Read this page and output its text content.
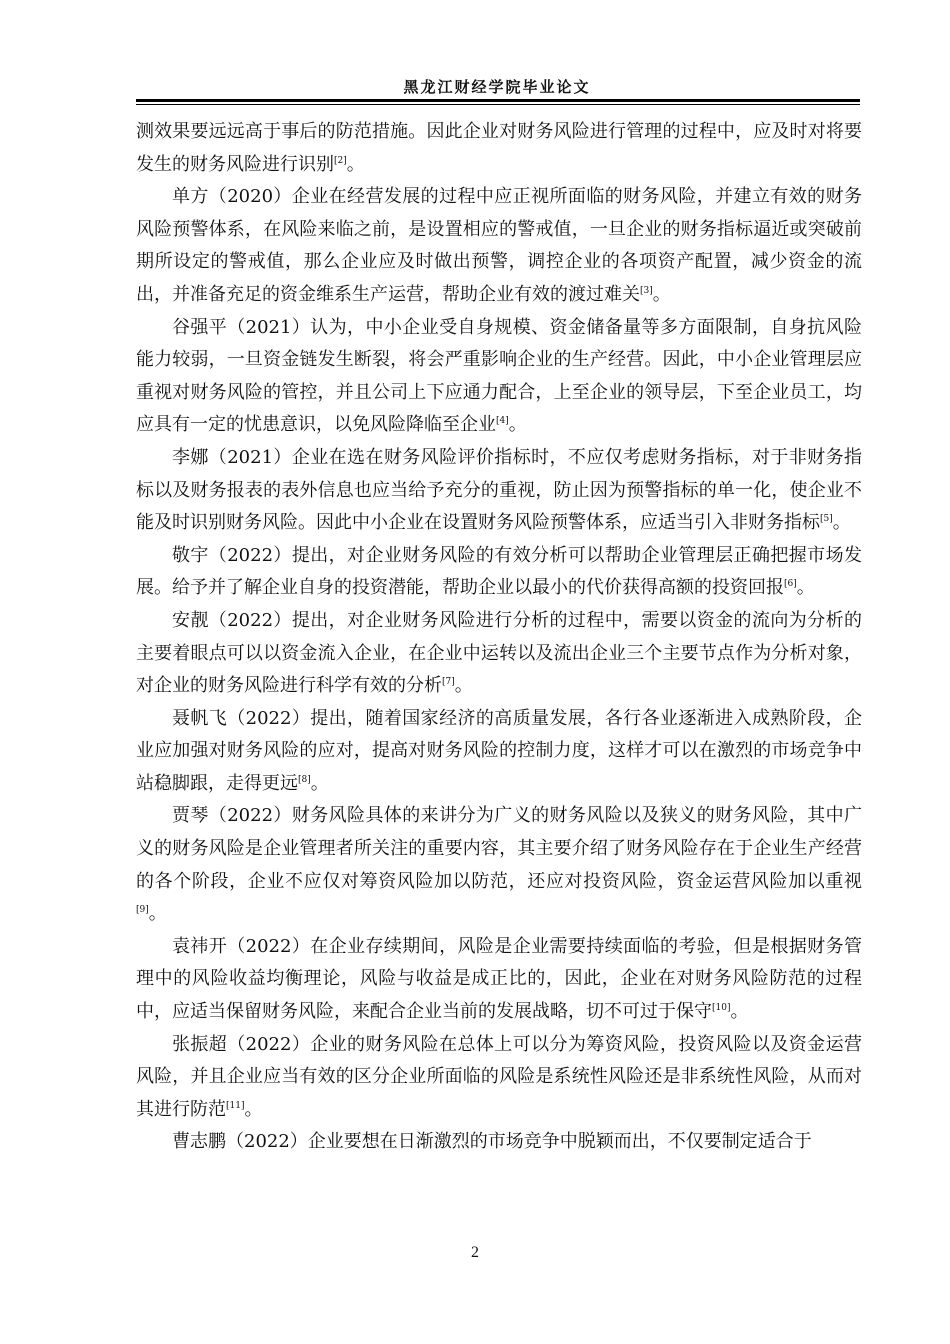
黑龙江财经学院毕业论文

测效果要远远高于事后的防范措施。因此企业对财务风险进行管理的过程中，应及时对将要发生的财务风险进行识别[2]。

单方（2020）企业在经营发展的过程中应正视所面临的财务风险，并建立有效的财务风险预警体系，在风险来临之前，是设置相应的警戒值，一旦企业的财务指标逼近或突破前期所设定的警戒值，那么企业应及时做出预警，调控企业的各项资产配置，减少资金的流出，并准备充足的资金维系生产运营，帮助企业有效的渡过难关[3]。

谷强平（2021）认为，中小企业受自身规模、资金储备量等多方面限制，自身抗风险能力较弱，一旦资金链发生断裂，将会严重影响企业的生产经营。因此，中小企业管理层应重视对财务风险的管控，并且公司上下应通力配合，上至企业的领导层，下至企业员工，均应具有一定的忧患意识，以免风险降临至企业[4]。

李娜（2021）企业在选在财务风险评价指标时，不应仅考虑财务指标，对于非财务指标以及财务报表的表外信息也应当给予充分的重视，防止因为预警指标的单一化，使企业不能及时识别财务风险。因此中小企业在设置财务风险预警体系，应适当引入非财务指标[5]。

敬宇（2022）提出，对企业财务风险的有效分析可以帮助企业管理层正确把握市场发展。给予并了解企业自身的投资潜能，帮助企业以最小的代价获得高额的投资回报[6]。

安靓（2022）提出，对企业财务风险进行分析的过程中，需要以资金的流向为分析的主要着眼点可以以资金流入企业，在企业中运转以及流出企业三个主要节点作为分析对象，对企业的财务风险进行科学有效的分析[7]。

聂帆飞（2022）提出，随着国家经济的高质量发展，各行各业逐渐进入成熟阶段，企业应加强对财务风险的应对，提高对财务风险的控制力度，这样才可以在激烈的市场竞争中站稳脚跟，走得更远[8]。

贾琴（2022）财务风险具体的来讲分为广义的财务风险以及狭义的财务风险，其中广义的财务风险是企业管理者所关注的重要内容，其主要介绍了财务风险存在于企业生产经营的各个阶段，企业不应仅对筹资风险加以防范，还应对投资风险，资金运营风险加以重视[9]。

袁祎开（2022）在企业存续期间，风险是企业需要持续面临的考验，但是根据财务管理中的风险收益均衡理论，风险与收益是成正比的，因此，企业在对财务风险防范的过程中，应适当保留财务风险，来配合企业当前的发展战略，切不可过于保守[10]。

张振超（2022）企业的财务风险在总体上可以分为筹资风险，投资风险以及资金运营风险，并且企业应当有效的区分企业所面临的风险是系统性风险还是非系统性风险，从而对其进行防范[11]。

曹志鹏（2022）企业要想在日渐激烈的市场竞争中脱颖而出，不仅要制定适合于

2
